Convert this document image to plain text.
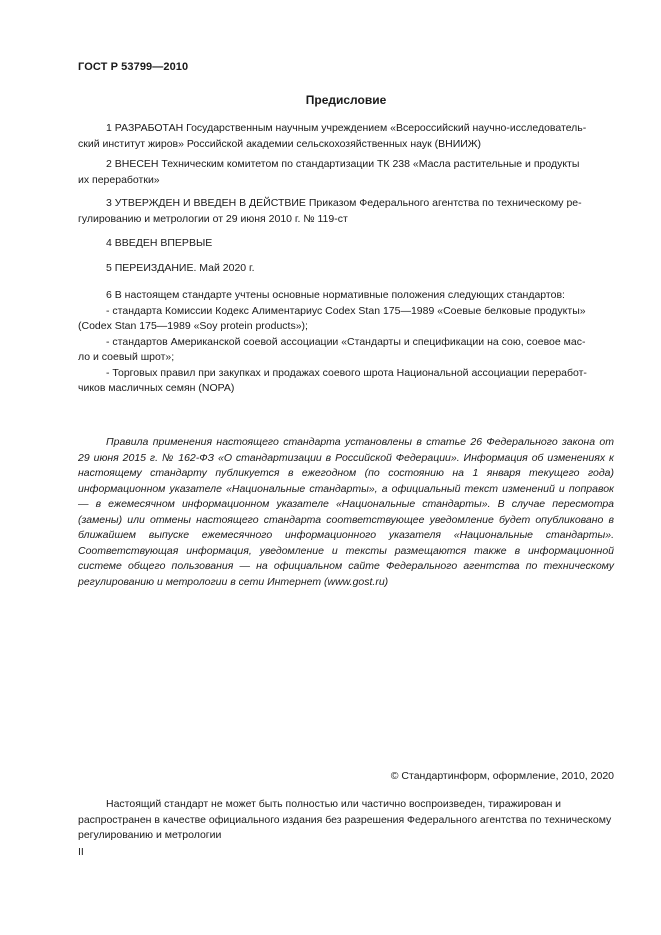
ГОСТ Р 53799—2010
Предисловие

1 РАЗРАБОТАН Государственным научным учреждением «Всероссийский научно-исследователь-

ский институт жиров» Российской академии сельскохозяйственных наук (ВНИИЖ)

2 ВНЕСЕН Техническим комитетом по стандартизации ТК 238 «Масла растительные и продукты

их переработки»

3 УТВЕРЖДЕН И ВВЕДЕН В ДЕЙСТВИЕ Приказом Федерального агентства по техническому ре-

гулированию и метрологии от 29 июня 2010 г. № 119-ст

4 ВВЕДЕН ВПЕРВЫЕ

5 ПЕРЕИЗДАНИЕ. Май 2020 г.

6 В настоящем стандарте учтены основные нормативные положения следующих стандартов:

- стандарта Комиссии Кодекс Алиментариус Codex Stan 175—1989 «Соевые белковые продукты»

(Codex Stan 175—1989 «Soy protein products»);

- стандартов Американской соевой ассоциации «Стандарты и спецификации на сою, соевое мас-

ло и соевый шрот»;

- Торговых правил при закупках и продажах соевого шрота Национальной ассоциации переработ-

чиков масличных семян (NOPA)

Правила применения настоящего стандарта установлены в статье 26 Федерального закона от 29 июня 2015 г. № 162-ФЗ «О стандартизации в Российской Федерации». Информация об изменениях к настоящему стандарту публикуется в ежегодном (по состоянию на 1 января текущего года) информационном указателе «Национальные стандарты», а официальный текст изменений и поправок — в ежемесячном информационном указателе «Национальные стандарты». В случае пересмотра (замены) или отмены настоящего стандарта соответствующее уведомление будет опубликовано в ближайшем выпуске ежемесячного информационного указателя «Национальные стандарты». Соответствующая информация, уведомление и тексты размещаются также в информационной системе общего пользования — на официальном сайте Федерального агентства по техническому регулированию и метрологии в сети Интернет (www.gost.ru)
© Стандартинформ, оформление, 2010, 2020
Настоящий стандарт не может быть полностью или частично воспроизведен, тиражирован и распространен в качестве официального издания без разрешения Федерального агентства по техническому регулированию и метрологии
II
